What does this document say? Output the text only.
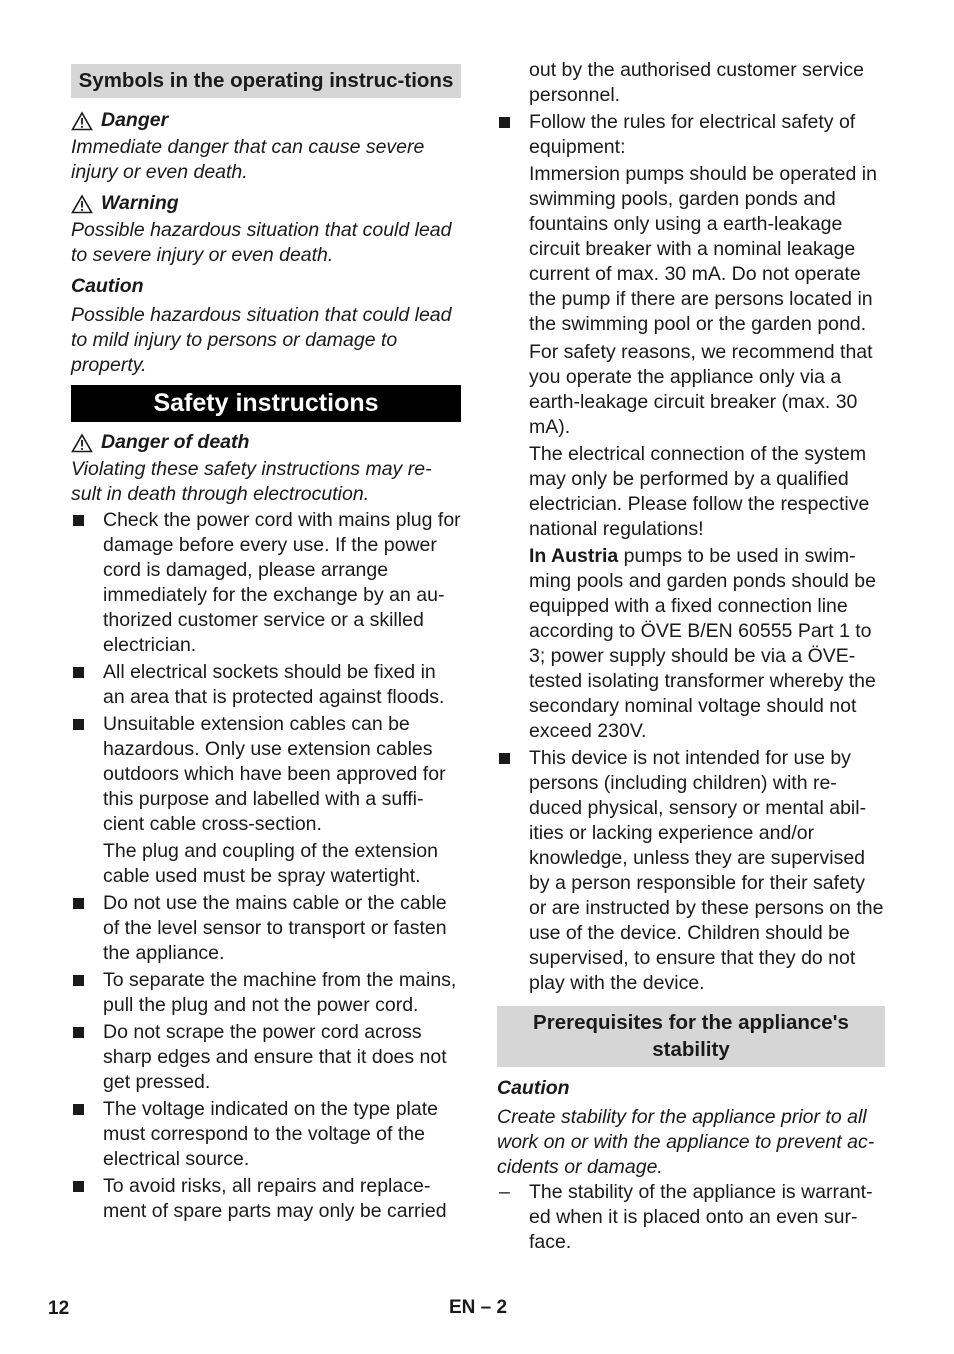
Symbols in the operating instruc-tions
Danger
Immediate danger that can cause severe injury or even death.
Warning
Possible hazardous situation that could lead to severe injury or even death.
Caution
Possible hazardous situation that could lead to mild injury to persons or damage to property.
Safety instructions
Danger of death
Violating these safety instructions may re-sult in death through electrocution.
Check the power cord with mains plug for damage before every use. If the power cord is damaged, please arrange immediately for the exchange by an au-thorized customer service or a skilled electrician.
All electrical sockets should be fixed in an area that is protected against floods.
Unsuitable extension cables can be hazardous. Only use extension cables outdoors which have been approved for this purpose and labelled with a suffi-cient cable cross-section.
The plug and coupling of the extension cable used must be spray watertight.
Do not use the mains cable or the cable of the level sensor to transport or fasten the appliance.
To separate the machine from the mains, pull the plug and not the power cord.
Do not scrape the power cord across sharp edges and ensure that it does not get pressed.
The voltage indicated on the type plate must correspond to the voltage of the electrical source.
To avoid risks, all repairs and replace-ment of spare parts may only be carried
out by the authorised customer service personnel.
Follow the rules for electrical safety of equipment:
Immersion pumps should be operated in swimming pools, garden ponds and fountains only using a earth-leakage circuit breaker with a nominal leakage current of max. 30 mA. Do not operate the pump if there are persons located in the swimming pool or the garden pond.
For safety reasons, we recommend that you operate the appliance only via a earth-leakage circuit breaker (max. 30 mA).
The electrical connection of the system may only be performed by a qualified electrician. Please follow the respective national regulations!
In Austria pumps to be used in swim-ming pools and garden ponds should be equipped with a fixed connection line according to ÖVE B/EN 60555 Part 1 to 3; power supply should be via a ÖVE-tested isolating transformer whereby the secondary nominal voltage should not exceed 230V.
This device is not intended for use by persons (including children) with re-duced physical, sensory or mental abil-ities or lacking experience and/or knowledge, unless they are supervised by a person responsible for their safety or are instructed by these persons on the use of the device. Children should be supervised, to ensure that they do not play with the device.
Prerequisites for the appliance's stability
Caution
Create stability for the appliance prior to all work on or with the appliance to prevent ac-cidents or damage.
– The stability of the appliance is warrant-ed when it is placed onto an even sur-face.
12	EN – 2
